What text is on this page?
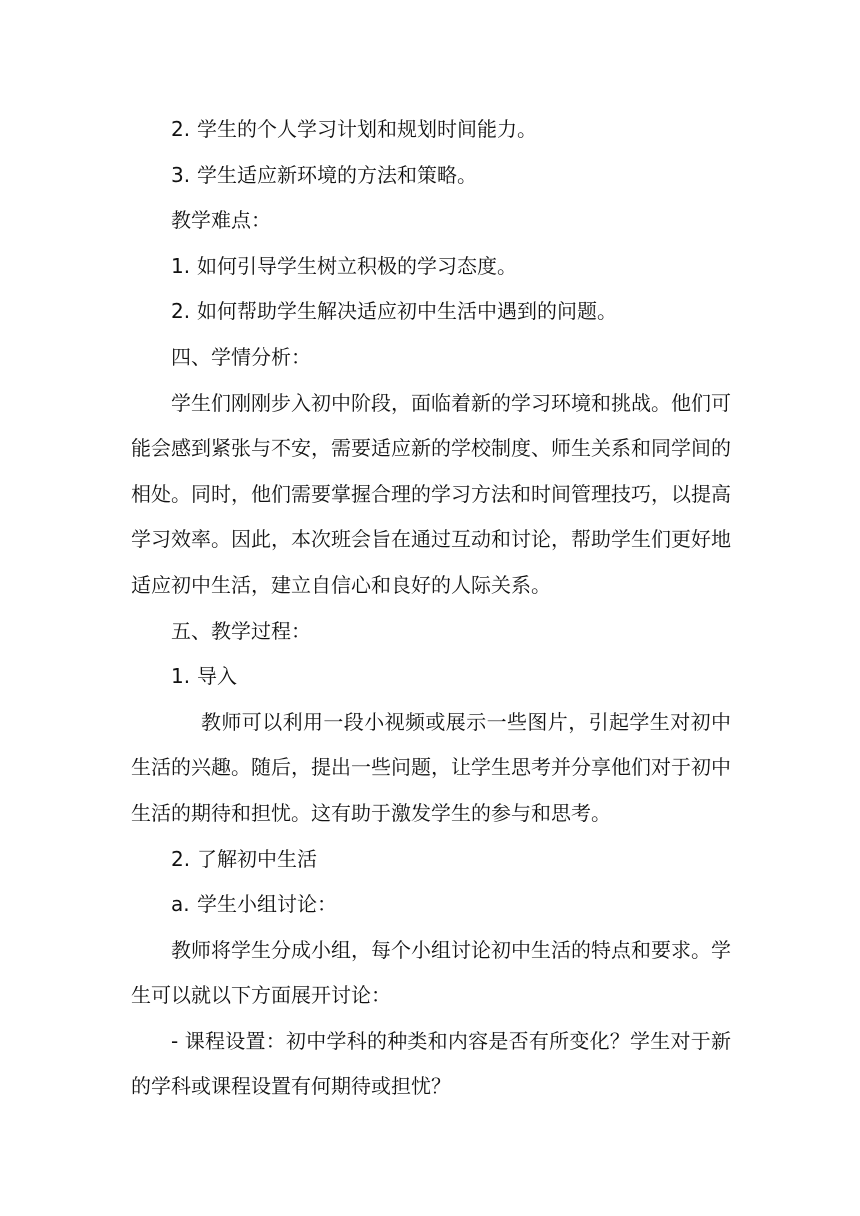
2. 学生的个人学习计划和规划时间能力。

3. 学生适应新环境的方法和策略。

教学难点：

1. 如何引导学生树立积极的学习态度。

2. 如何帮助学生解决适应初中生活中遇到的问题。

四、学情分析：

学生们刚刚步入初中阶段，面临着新的学习环境和挑战。他们可能会感到紧张与不安，需要适应新的学校制度、师生关系和同学间的相处。同时，他们需要掌握合理的学习方法和时间管理技巧，以提高学习效率。因此，本次班会旨在通过互动和讨论，帮助学生们更好地适应初中生活，建立自信心和良好的人际关系。

五、教学过程：

1. 导入

教师可以利用一段小视频或展示一些图片，引起学生对初中生活的兴趣。随后，提出一些问题，让学生思考并分享他们对于初中生活的期待和担忧。这有助于激发学生的参与和思考。

2. 了解初中生活

a. 学生小组讨论：

教师将学生分成小组，每个小组讨论初中生活的特点和要求。学生可以就以下方面展开讨论：

- 课程设置：初中学科的种类和内容是否有所变化？学生对于新的学科或课程设置有何期待或担忧？
